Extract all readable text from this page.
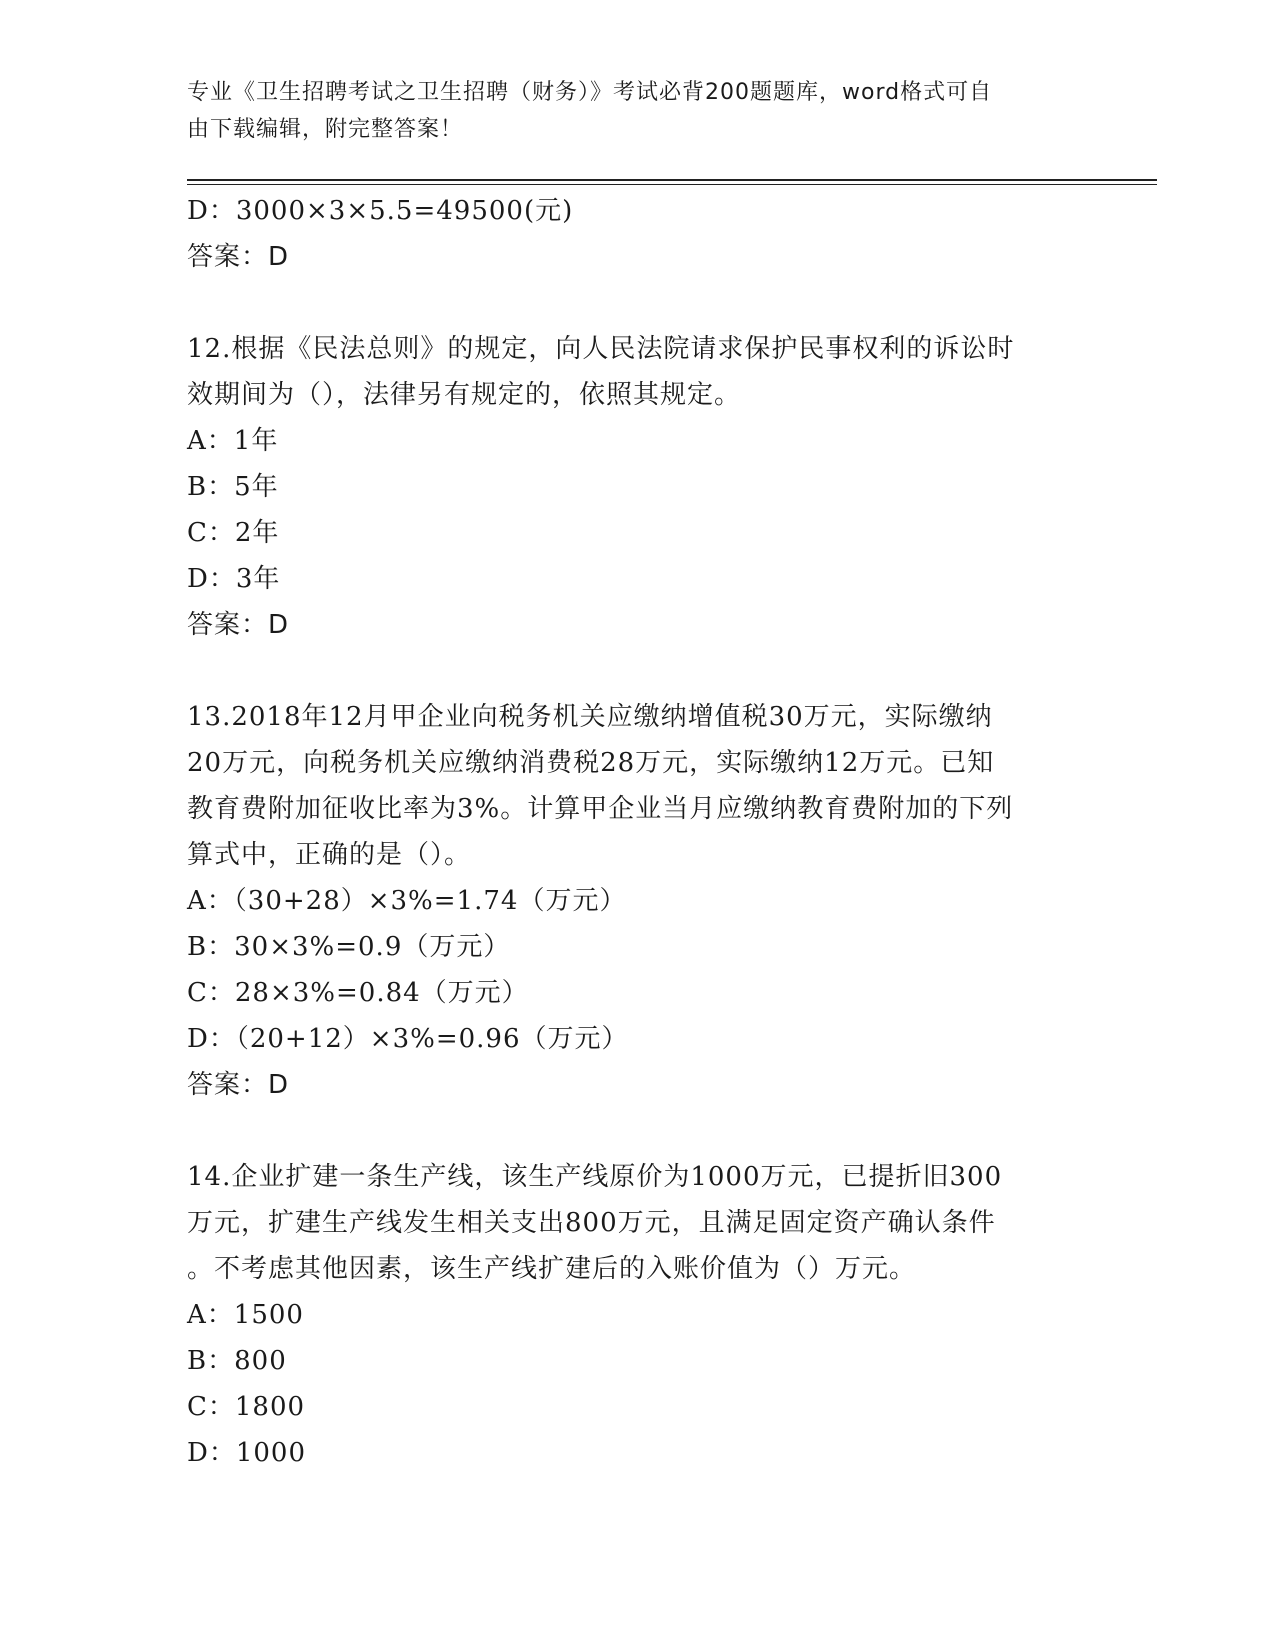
专业《卫生招聘考试之卫生招聘（财务）》考试必背200题题库，word格式可自
由下载编辑，附完整答案！
D：3000×3×5.5=49500(元)
答案：D
12.根据《民法总则》的规定，向人民法院请求保护民事权利的诉讼时
效期间为（），法律另有规定的，依照其规定。
A：1年
B：5年
C：2年
D：3年
答案：D
13.2018年12月甲企业向税务机关应缴纳增值税30万元，实际缴纳
20万元，向税务机关应缴纳消费税28万元，实际缴纳12万元。已知
教育费附加征收比率为3%。计算甲企业当月应缴纳教育费附加的下列
算式中，正确的是（）。
A：（30+28）×3%=1.74（万元）
B：30×3%=0.9（万元）
C：28×3%=0.84（万元）
D：（20+12）×3%=0.96（万元）
答案：D
14.企业扩建一条生产线，该生产线原价为1000万元，已提折旧300
万元，扩建生产线发生相关支出800万元，且满足固定资产确认条件
。不考虑其他因素，该生产线扩建后的入账价值为（）万元。
A：1500
B：800
C：1800
D：1000
